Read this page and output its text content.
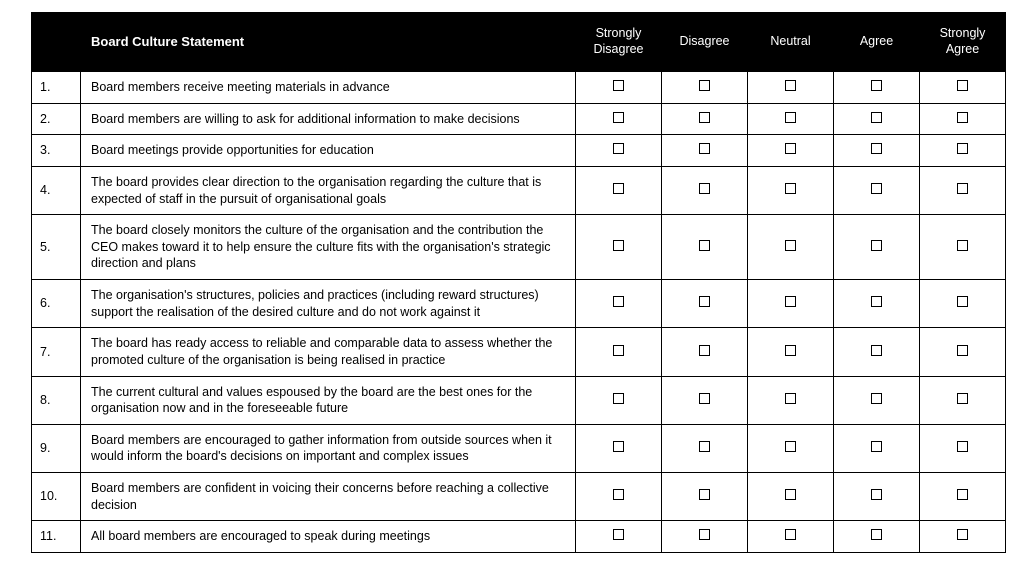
	Board Culture Statement	Strongly Disagree	Disagree	Neutral	Agree	Strongly Agree
1.	Board members receive meeting materials in advance					
2.	Board members are willing to ask for additional information to make decisions					
3.	Board meetings provide opportunities for education					
4.	The board provides clear direction to the organisation regarding the culture that is expected of staff in the pursuit of organisational goals					
5.	The board closely monitors the culture of the organisation and the contribution the CEO makes toward it to help ensure the culture fits with the organisation's strategic direction and plans					
6.	The organisation's structures, policies and practices (including reward structures) support the realisation of the desired culture and do not work against it					
7.	The board has ready access to reliable and comparable data to assess whether the promoted culture of the organisation is being realised in practice					
8.	The current cultural and values espoused by the board are the best ones for the organisation now and in the foreseeable future					
9.	Board members are encouraged to gather information from outside sources when it would inform the board's decisions on important and complex issues					
10.	Board members are confident in voicing their concerns before reaching a collective decision					
11.	All board members are encouraged to speak during meetings					
